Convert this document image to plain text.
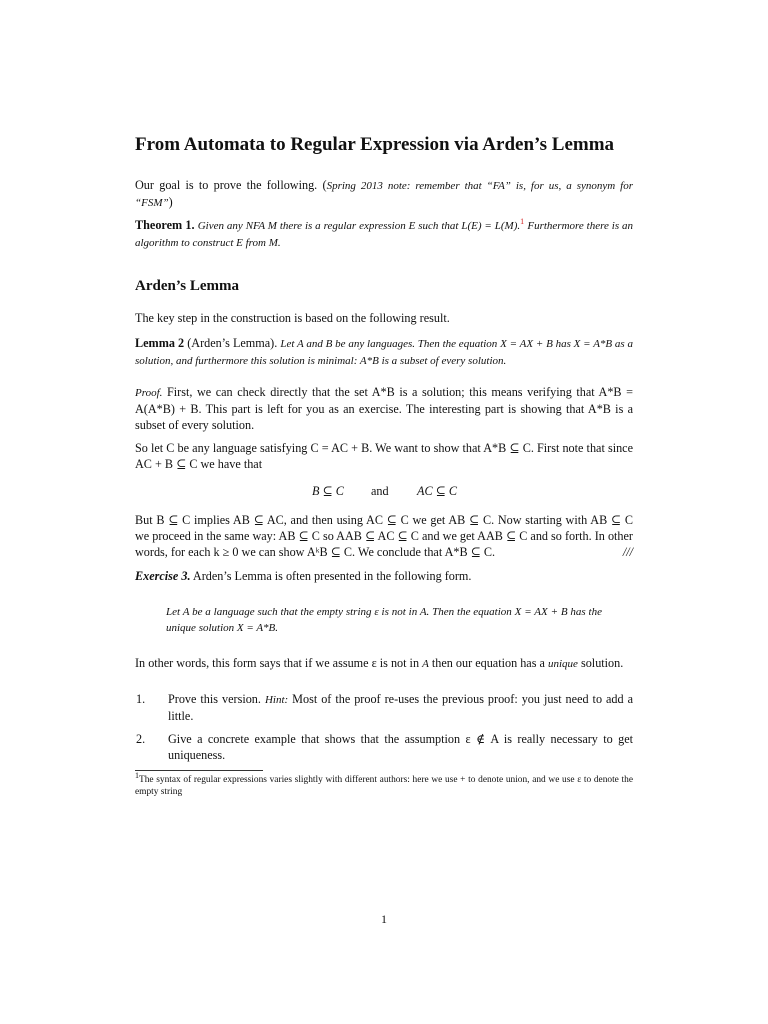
From Automata to Regular Expression via Arden’s Lemma
Our goal is to prove the following. (Spring 2013 note: remember that “FA” is, for us, a synonym for “FSM”)
Theorem 1. Given any NFA M there is a regular expression E such that L(E) = L(M).$^1$ Furthermore there is an algorithm to construct E from M.
Arden’s Lemma
The key step in the construction is based on the following result.
Lemma 2 (Arden’s Lemma). Let A and B be any languages. Then the equation X = AX + B has X = A*B as a solution, and furthermore this solution is minimal: A*B is a subset of every solution.
Proof. First, we can check directly that the set A*B is a solution; this means verifying that A*B = A(A*B) + B. This part is left for you as an exercise. The interesting part is showing that A*B is a subset of every solution.
So let C be any language satisfying C = AC + B. We want to show that A*B ⊆ C. First note that since AC + B ⊆ C we have that
B ⊆ C and AC ⊆ C
But B ⊆ C implies AB ⊆ AC, and then using AC ⊆ C we get AB ⊆ C. Now starting with AB ⊆ C we proceed in the same way: AB ⊆ C so AAB ⊆ AC ⊆ C and we get AAB ⊆ C and so forth. In other words, for each k ≥ 0 we can show AᵏB ⊆ C. We conclude that A*B ⊆ C.	///
Exercise 3. Arden’s Lemma is often presented in the following form.
Let A be a language such that the empty string ε is not in A. Then the equation X = AX + B has the unique solution X = A*B.
In other words, this form says that if we assume ε is not in A then our equation has a unique solution.
1. Prove this version. Hint: Most of the proof re-uses the previous proof: you just need to add a little.
2. Give a concrete example that shows that the assumption ε ∉ A is really necessary to get uniqueness.
$^1$The syntax of regular expressions varies slightly with different authors: here we use + to denote union, and we use ε to denote the empty string
1
